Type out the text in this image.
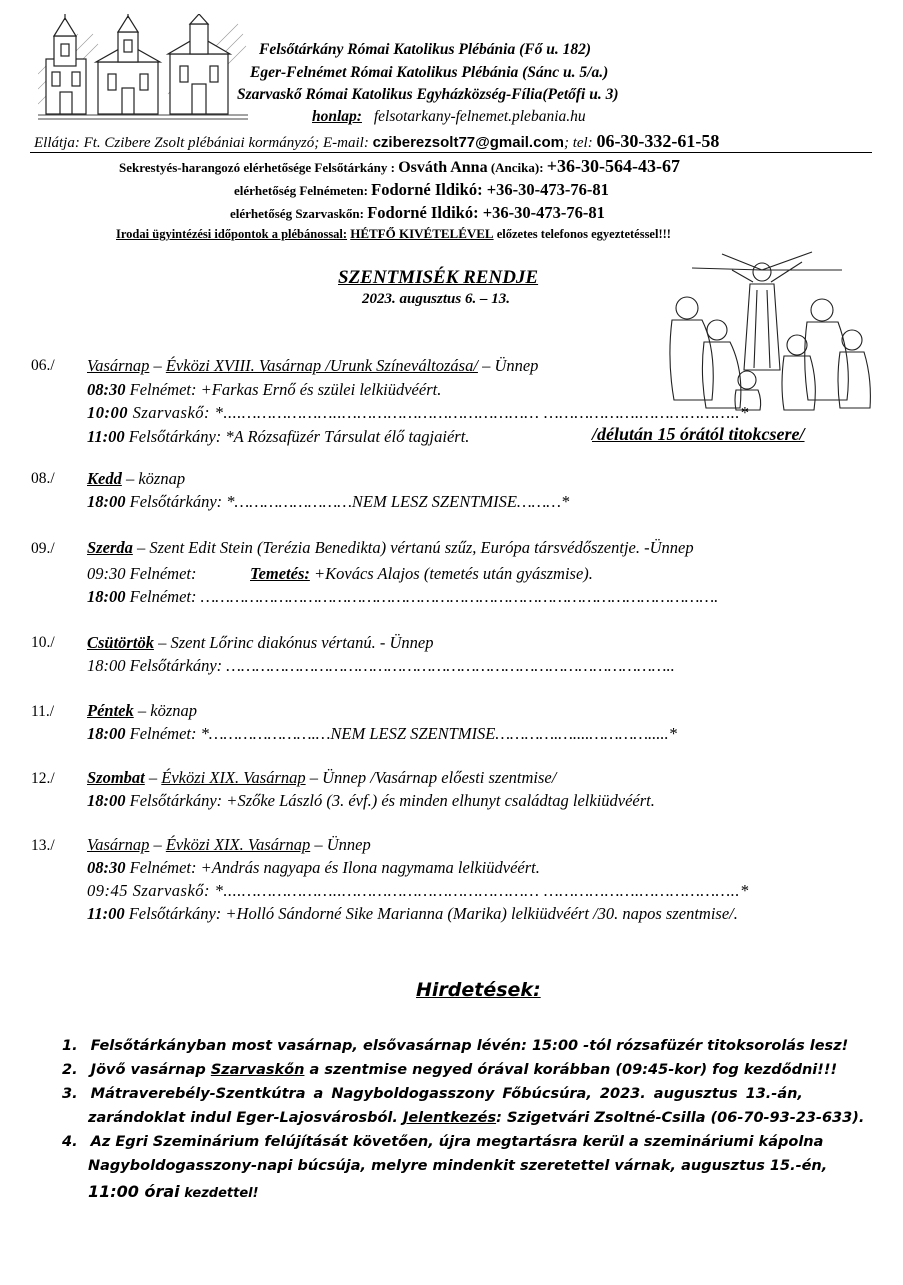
Felsőtárkány Római Katolikus Plébánia (Fő u. 182)
Eger-Felnémet Római Katolikus Plébánia (Sánc u. 5/a.)
Szarvaskő Római Katolikus Egyházközség-Fília(Petőfi u. 3)
honlap: felsotarkany-felnemet.plebania.hu
Ellátja: Ft. Czibere Zsolt plébániai kormányzó; E-mail: cziberezsolt77@gmail.com; tel: 06-30-332-61-58
Sekrestyés-harangozó elérhetősége Felsőtárkány : Osváth Anna (Ancika): +36-30-564-43-67
elérhetőség Felnémeten: Fodorné Ildikó: +36-30-473-76-81
elérhetőség Szarvaskőn: Fodorné Ildikó: +36-30-473-76-81
Irodai ügyintézési időpontok a plébánossal: HÉTFŐ KIVÉTELÉVEL előzetes telefonos egyeztetéssel!!!
SZENTMISÉK RENDJE
2023. augusztus 6. – 13.
06./ Vasárnap – Évközi XVIII. Vasárnap /Urunk Színeváltozása/ – Ünnep
08:30 Felnémet: +Farkas Ernő és szülei lelkiüdvéért.
10:00 Szarvaskő: *....………………..………………………………… ……………….………………..*
11:00 Felsőtárkány: *A Rózsafüzér Társulat élő tagjaiért.	/délután 15 órától titokcsere/
08./ Kedd – köznap
18:00 Felsőtárkány: *……………………NEM LESZ SZENTMISE………*
09./ Szerda – Szent Edit Stein (Terézia Benedikta) vértanú szűz, Európa társvédőszentje. -Ünnep
09:30 Felnémet:	Temetés: +Kovács Alajos (temetés után gyászmise).
18:00 Felnémet: …………………………………………………………………………………………….
10./ Csütörtök – Szent Lőrinc diakónus vértanú. - Ünnep
18:00 Felsőtárkány: ………………………………………………………………………………..
11./ Péntek – köznap
18:00 Felnémet: *………………….…NEM LESZ SZENTMISE………….…....………….....*
12./ Szombat – Évközi XIX. Vasárnap – Ünnep /Vasárnap előesti szentmise/
18:00 Felsőtárkány: +Szőke László (3. évf.) és minden elhunyt családtag lelkiüdvéért.
13./ Vasárnap – Évközi XIX. Vasárnap – Ünnep
08:30 Felnémet: +András nagyapa és Ilona nagymama lelkiüdvéért.
09:45 Szarvaskő: *....………………..………………………………… ……………….………………..*
11:00 Felsőtárkány: +Holló Sándorné Sike Marianna (Marika) lelkiüdvéért /30. napos szentmise/.
Hirdetések:
1. Felsőtárkányban most vasárnap, elsővasárnap lévén: 15:00 -tól rózsafüzér titoksorolás lesz!
2. Jövő vasárnap Szarvaskőn a szentmise negyed órával korábban (09:45-kor) fog kezdődni!!!
3. Mátraverebély-Szentkútra a Nagyboldogasszony Főbúcsúra, 2023. augusztus 13.-án,
zarándoklat indul Eger-Lajosvárosból. Jelentkezés: Szigetvári Zsoltné-Csilla (06-70-93-23-633).
4. Az Egri Szeminárium felújítását követően, újra megtartásra kerül a szemináriumi kápolna
Nagyboldogasszony-napi búcsúja, melyre mindenkit szeretettel várnak, augusztus 15.-én,
11:00 órai kezdettel!
